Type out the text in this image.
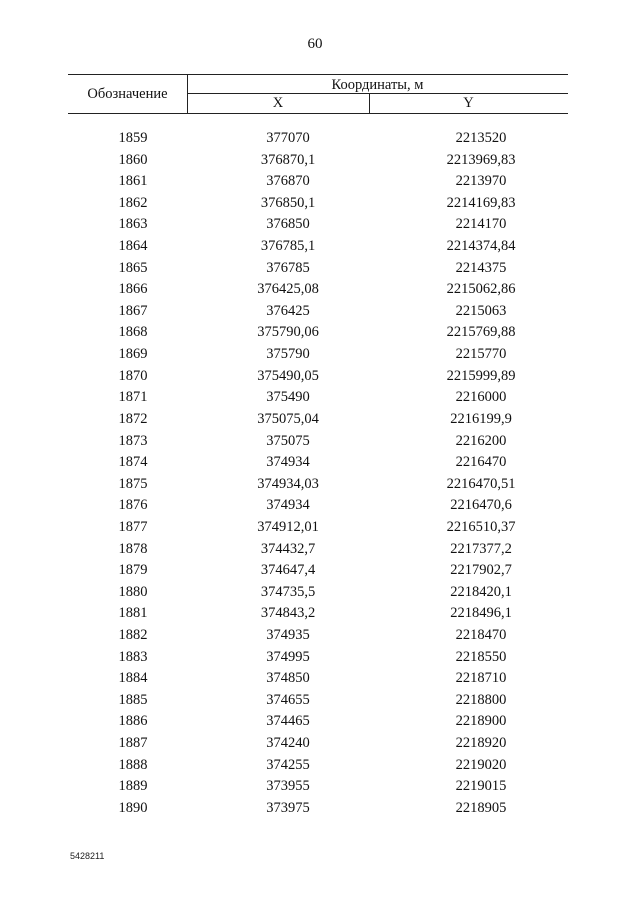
60
Обозначение
Координаты, м
X	Y
1859	377070	2213520
1860	376870,1	2213969,83
1861	376870	2213970
1862	376850,1	2214169,83
1863	376850	2214170
1864	376785,1	2214374,84
1865	376785	2214375
1866	376425,08	2215062,86
1867	376425	2215063
1868	375790,06	2215769,88
1869	375790	2215770
1870	375490,05	2215999,89
1871	375490	2216000
1872	375075,04	2216199,9
1873	375075	2216200
1874	374934	2216470
1875	374934,03	2216470,51
1876	374934	2216470,6
1877	374912,01	2216510,37
1878	374432,7	2217377,2
1879	374647,4	2217902,7
1880	374735,5	2218420,1
1881	374843,2	2218496,1
1882	374935	2218470
1883	374995	2218550
1884	374850	2218710
1885	374655	2218800
1886	374465	2218900
1887	374240	2218920
1888	374255	2219020
1889	373955	2219015
1890	373975	2218905
5428211
